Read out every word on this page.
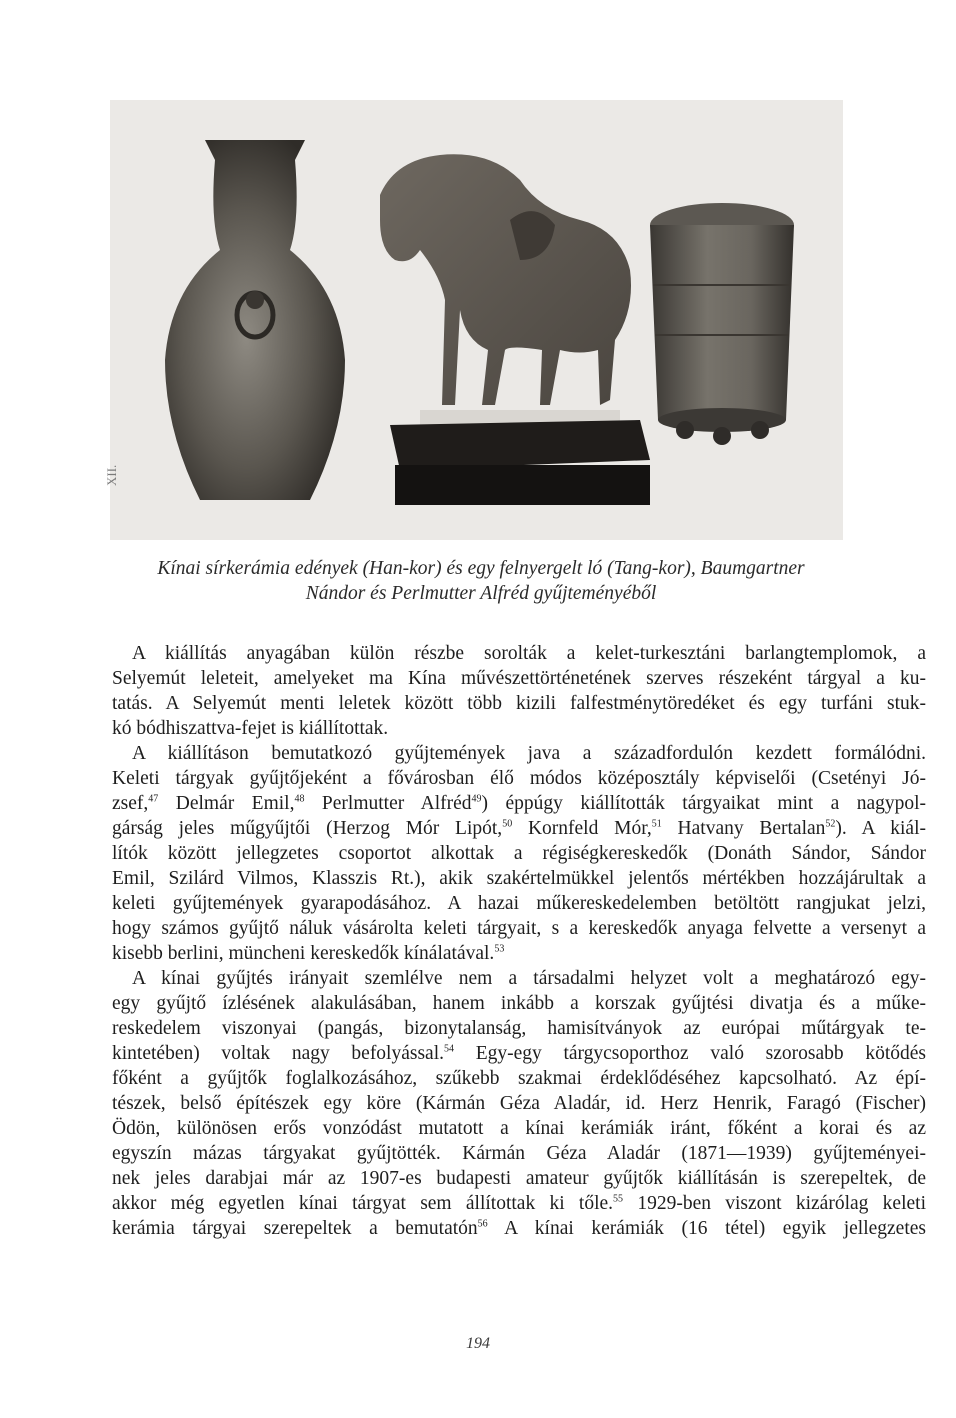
XII.
Kínai sírkerámia edények (Han-kor) és egy felnyergelt ló (Tang-kor), Baumgartner
Nándor és Perlmutter Alfréd gyűjteményéből
A kiállítás anyagában külön részbe sorolták a kelet-turkesztáni barlangtemplomok, a
Selyemút leleteit, amelyeket ma Kína művészettörténetének szerves részeként tárgyal a ku-
tatás. A Selyemút menti leletek között több kizili falfestménytöredéket és egy turfáni stuk-
kó bódhiszattva-fejet is kiállítottak.
A kiállításon bemutatkozó gyűjtemények java a századfordulón kezdett formálódni.
Keleti tárgyak gyűjtőjeként a fővárosban élő módos középosztály képviselői (Csetényi Jó-
zsef,$^{47}$ Delmár Emil,$^{48}$ Perlmutter Alfréd$^{49}$) éppúgy kiállították tárgyaikat mint a nagypol-
gárság jeles műgyűjtői (Herzog Mór Lipót,$^{50}$ Kornfeld Mór,$^{51}$ Hatvany Bertalan$^{52}$). A kiál-
lítók között jellegzetes csoportot alkottak a régiségkereskedők (Donáth Sándor, Sándor
Emil, Szilárd Vilmos, Klasszis Rt.), akik szakértelmükkel jelentős mértékben hozzájárultak a
keleti gyűjtemények gyarapodásához. A hazai műkereskedelemben betöltött rangjukat jelzi,
hogy számos gyűjtő náluk vásárolta keleti tárgyait, s a kereskedők anyaga felvette a versenyt a
kisebb berlini, müncheni kereskedők kínálatával.$^{53}$
A kínai gyűjtés irányait szemlélve nem a társadalmi helyzet volt a meghatározó egy-
egy gyűjtő ízlésének alakulásában, hanem inkább a korszak gyűjtési divatja és a műke-
reskedelem viszonyai (pangás, bizonytalanság, hamisítványok az európai műtárgyak te-
kintetében) voltak nagy befolyással.$^{54}$ Egy-egy tárgycsoporthoz való szorosabb kötődés
főként a gyűjtők foglalkozásához, szűkebb szakmai érdeklődéséhez kapcsolható. Az épí-
tészek, belső építészek egy köre (Kármán Géza Aladár, id. Herz Henrik, Faragó (Fischer)
Ödön, különösen erős vonzódást mutatott a kínai kerámiák iránt, főként a korai és az
egyszín mázas tárgyakat gyűjtötték. Kármán Géza Aladár (1871—1939) gyűjteményei-
nek jeles darabjai már az 1907-es budapesti amateur gyűjtők kiállításán is szerepeltek, de
akkor még egyetlen kínai tárgyat sem állítottak ki tőle.$^{55}$ 1929-ben viszont kizárólag keleti
kerámia tárgyai szerepeltek a bemutatón$^{56}$ A kínai kerámiák (16 tétel) egyik jellegzetes
194
